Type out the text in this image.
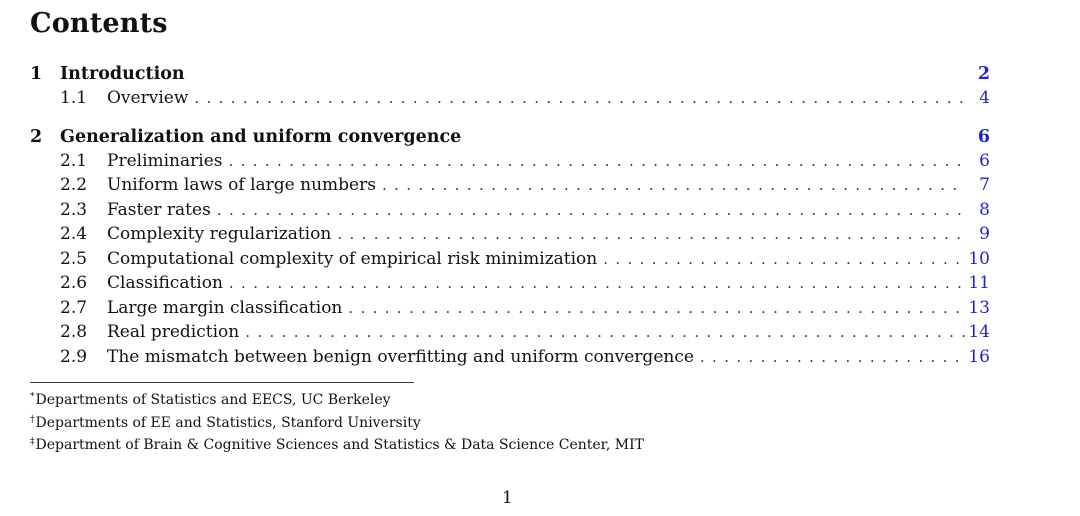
Contents
1	Introduction	2
1.1	Overview . . .	4
2	Generalization and uniform convergence	6
2.1	Preliminaries . . .	6
2.2	Uniform laws of large numbers . . .	7
2.3	Faster rates . . .	8
2.4	Complexity regularization . . .	9
2.5	Computational complexity of empirical risk minimization . . .	10
2.6	Classification . . .	11
2.7	Large margin classification . . .	13
2.8	Real prediction . . .	14
2.9	The mismatch between benign overfitting and uniform convergence . . .	16
*Departments of Statistics and EECS, UC Berkeley
†Departments of EE and Statistics, Stanford University
‡Department of Brain & Cognitive Sciences and Statistics & Data Science Center, MIT
1
